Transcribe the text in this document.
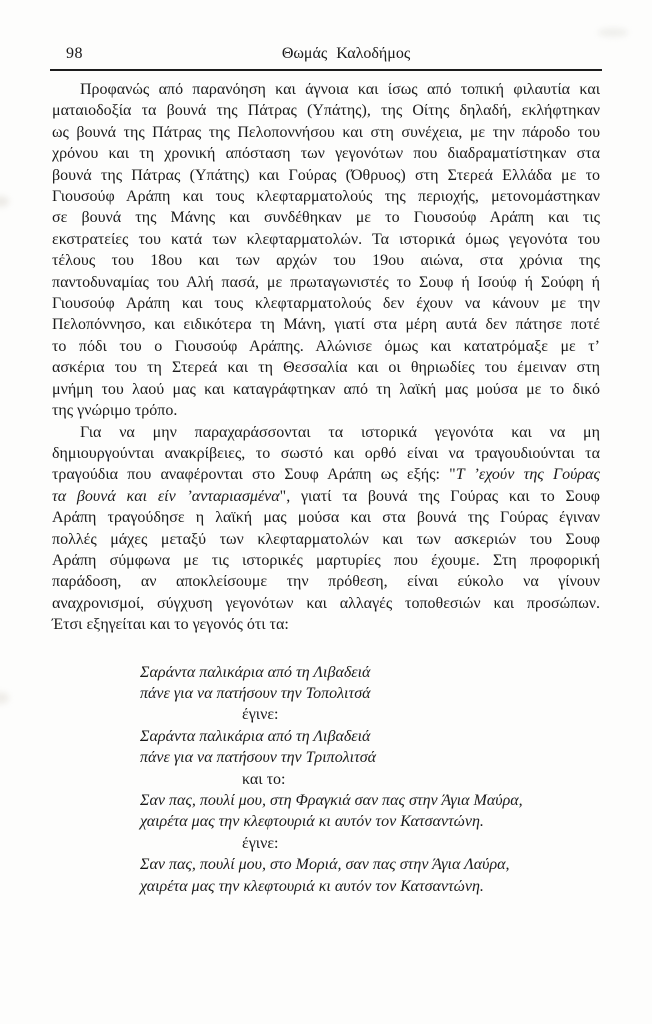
98	Θωμάς Καλοδήμος
Προφανώς από παρανόηση και άγνοια και ίσως από τοπική φιλαυτία και
ματαιοδοξία τα βουνά της Πάτρας (Υπάτης), της Οίτης δηλαδή, εκλήφτηκαν
ως βουνά της Πάτρας της Πελοποννήσου και στη συνέχεια, με την πάροδο του
χρόνου και τη χρονική απόσταση των γεγονότων που διαδραματίστηκαν στα
βουνά της Πάτρας (Υπάτης) και Γούρας (Όθρυος) στη Στερεά Ελλάδα με το
Γιουσούφ Αράπη και τους κλεφταρματολούς της περιοχής, μετονομάστηκαν
σε βουνά της Μάνης και συνδέθηκαν με το Γιουσούφ Αράπη και τις
εκστρατείες του κατά των κλεφταρματολών. Τα ιστορικά όμως γεγονότα του
τέλους του 18ου και των αρχών του 19ου αιώνα, στα χρόνια της
παντοδυναμίας του Αλή πασά, με πρωταγωνιστές το Σουφ ή Ισούφ ή Σούφη ή
Γιουσούφ Αράπη και τους κλεφταρματολούς δεν έχουν να κάνουν με την
Πελοπόννησο, και ειδικότερα τη Μάνη, γιατί στα μέρη αυτά δεν πάτησε ποτέ
το πόδι του ο Γιουσούφ Αράπης. Αλώνισε όμως και κατατρόμαξε με τ’
ασκέρια του τη Στερεά και τη Θεσσαλία και οι θηριωδίες του έμειναν στη
μνήμη του λαού μας και καταγράφτηκαν από τη λαϊκή μας μούσα με το δικό
της γνώριμο τρόπο.
Για να μην παραχαράσσονται τα ιστορικά γεγονότα και να μη
δημιουργούνται ανακρίβειες, το σωστό και ορθό είναι να τραγουδιούνται τα
τραγούδια που αναφέρονται στο Σουφ Αράπη ως εξής: "Τ ’εχούν της Γούρας
τα βουνά και είν ’ανταριασμένα", γιατί τα βουνά της Γούρας και το Σουφ
Αράπη τραγούδησε η λαϊκή μας μούσα και στα βουνά της Γούρας έγιναν
πολλές μάχες μεταξύ των κλεφταρματολών και των ασκεριών του Σουφ
Αράπη σύμφωνα με τις ιστορικές μαρτυρίες που έχουμε. Στη προφορική
παράδοση, αν αποκλείσουμε την πρόθεση, είναι εύκολο να γίνουν
αναχρονισμοί, σύγχυση γεγονότων και αλλαγές τοποθεσιών και προσώπων.
Έτσι εξηγείται και το γεγονός ότι τα:
Σαράντα παλικάρια από τη Λιβαδειά
πάνε για να πατήσουν την Τοπολιτσά
έγινε:
Σαράντα παλικάρια από τη Λιβαδειά
πάνε για να πατήσουν την Τριπολιτσά
και το:
Σαν πας, πουλί μου, στη Φραγκιά σαν πας στην Άγια Μαύρα,
χαιρέτα μας την κλεφτουριά κι αυτόν τον Κατσαντώνη.
έγινε:
Σαν πας, πουλί μου, στο Μοριά, σαν πας στην Άγια Λαύρα,
χαιρέτα μας την κλεφτουριά κι αυτόν τον Κατσαντώνη.
